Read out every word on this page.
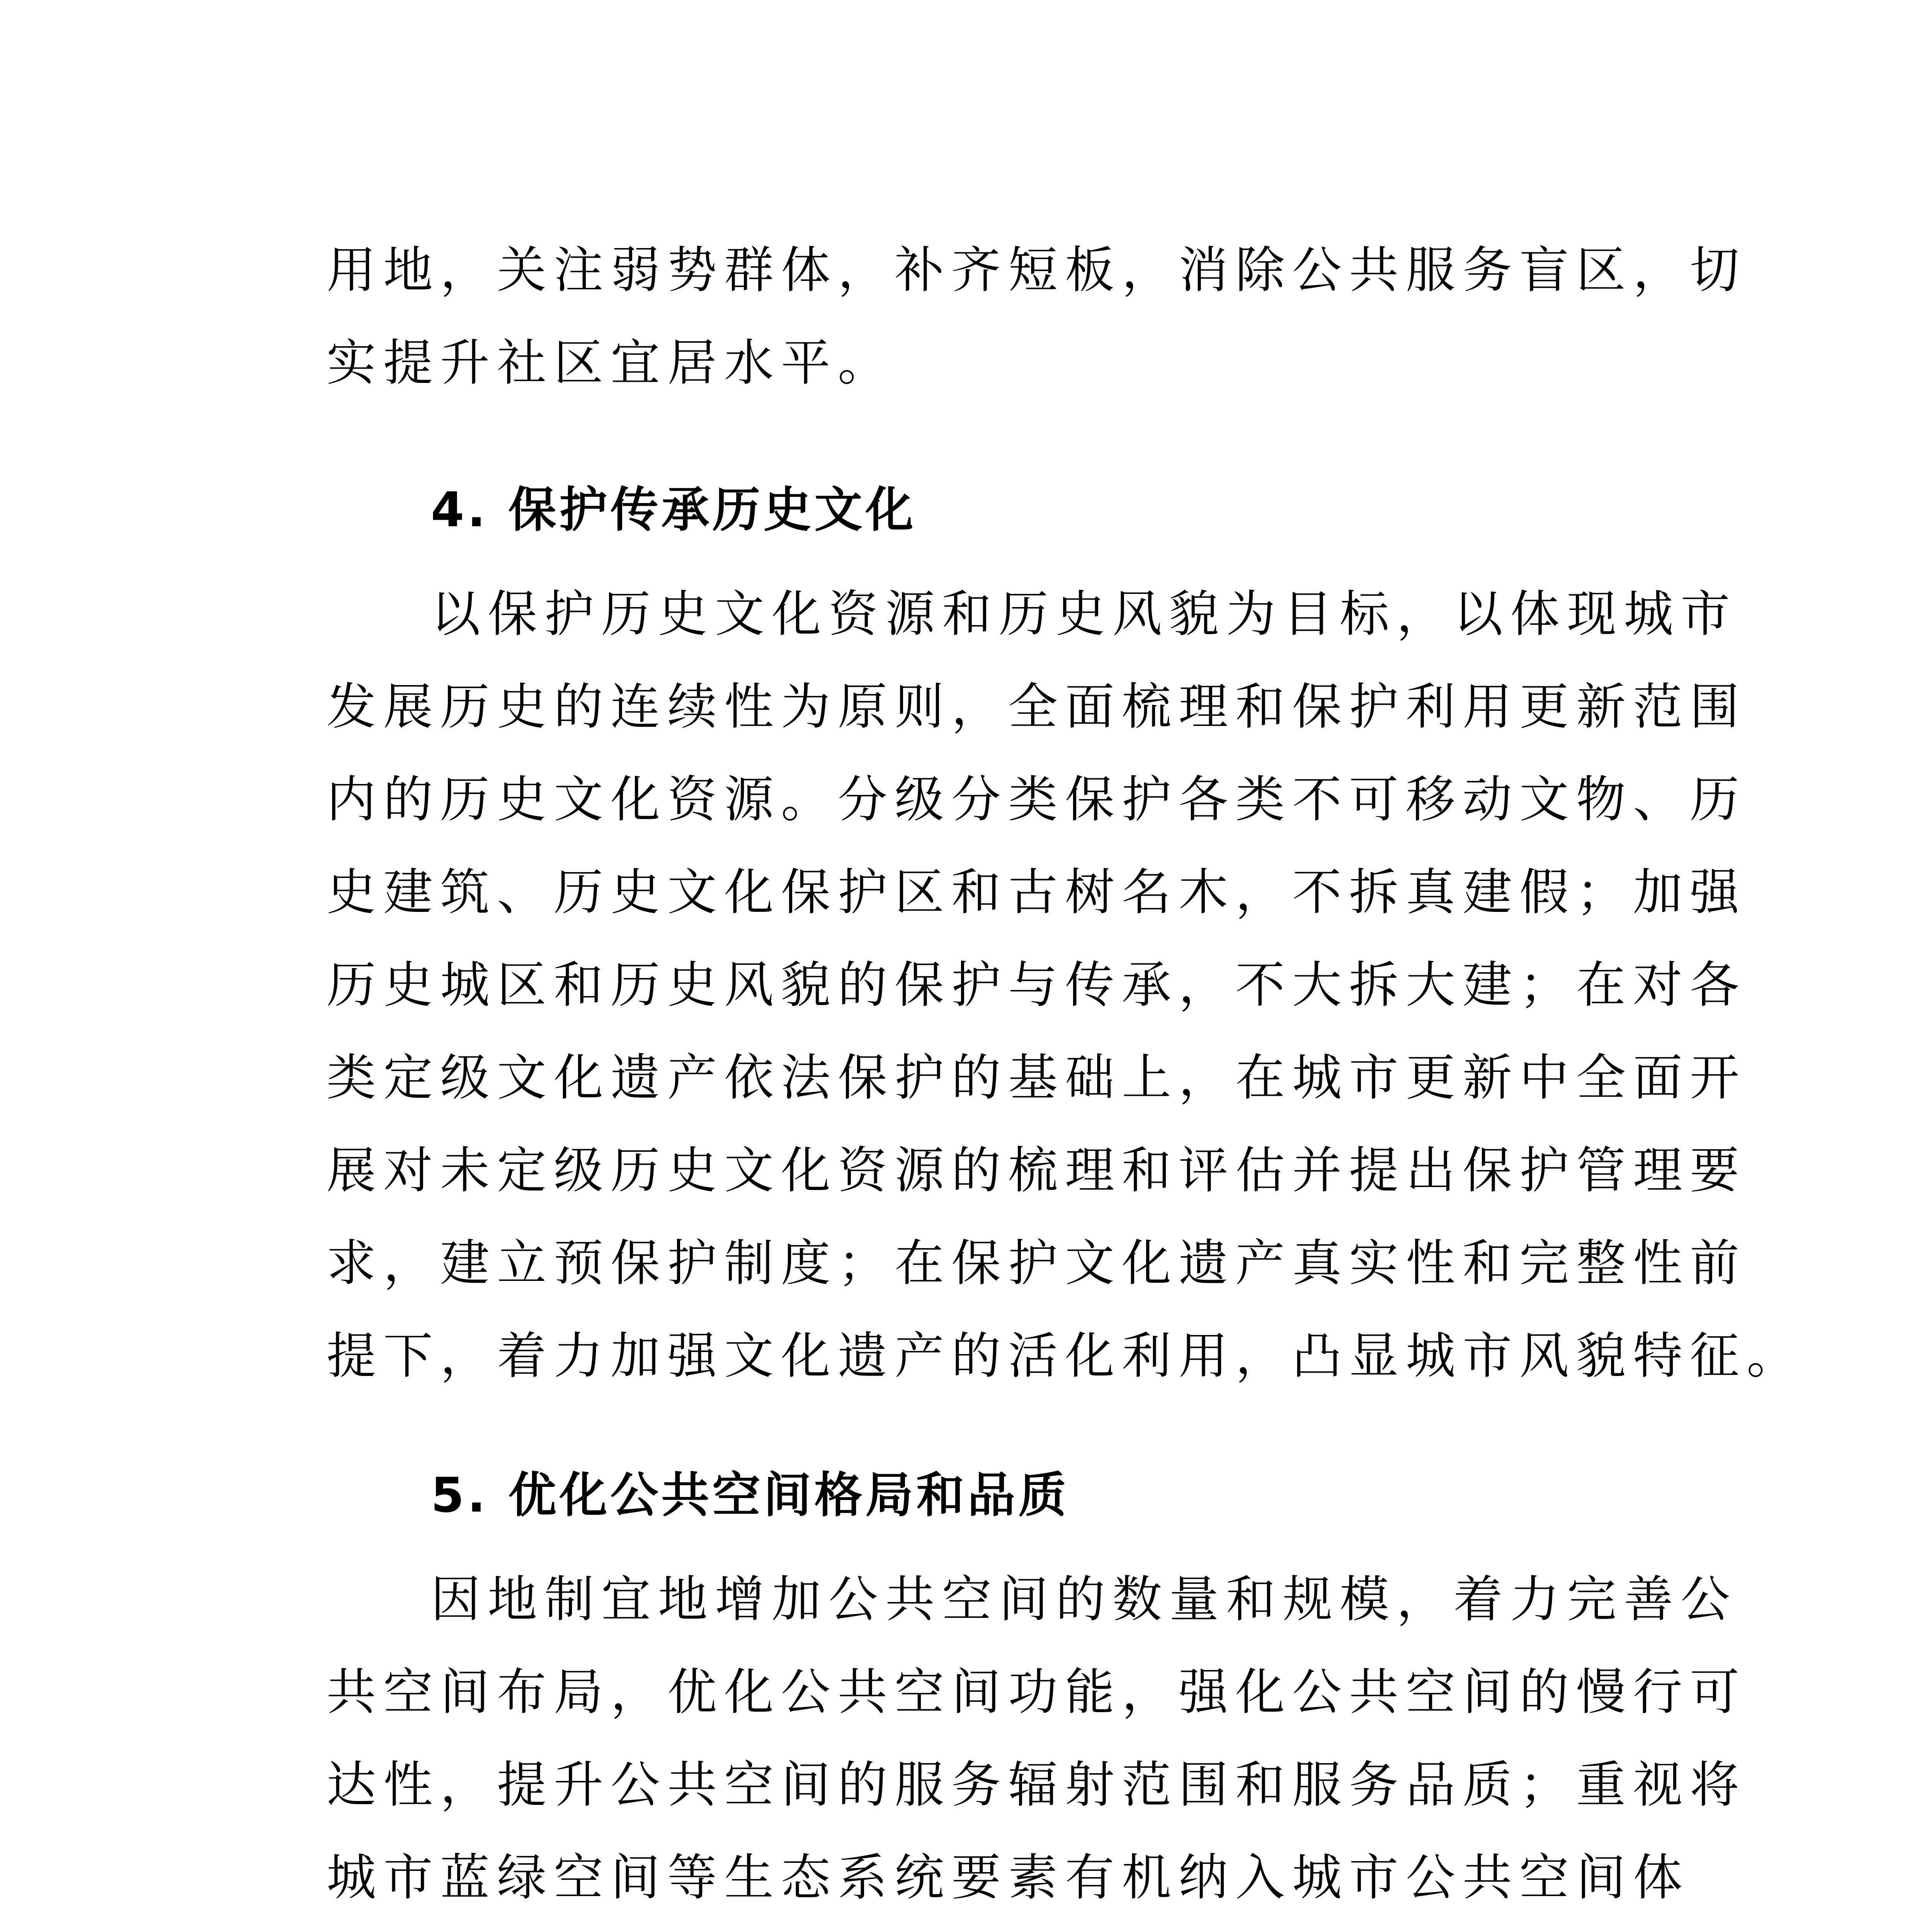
用地，关注弱势群体，补齐短板，消除公共服务盲区，切
实提升社区宜居水平。
4. 保护传承历史文化
以保护历史文化资源和历史风貌为目标，以体现城市
发展历史的连续性为原则，全面梳理和保护利用更新范围
内的历史文化资源。分级分类保护各类不可移动文物、历
史建筑、历史文化保护区和古树名木，不拆真建假；加强
历史城区和历史风貌的保护与传承，不大拆大建；在对各
类定级文化遗产依法保护的基础上，在城市更新中全面开
展对未定级历史文化资源的梳理和评估并提出保护管理要
求，建立预保护制度；在保护文化遗产真实性和完整性前
提下，着力加强文化遗产的活化利用，凸显城市风貌特征。
5. 优化公共空间格局和品质
因地制宜地增加公共空间的数量和规模，着力完善公
共空间布局，优化公共空间功能，强化公共空间的慢行可
达性，提升公共空间的服务辐射范围和服务品质；重视将
城市蓝绿空间等生态系统要素有机纳入城市公共空间体
